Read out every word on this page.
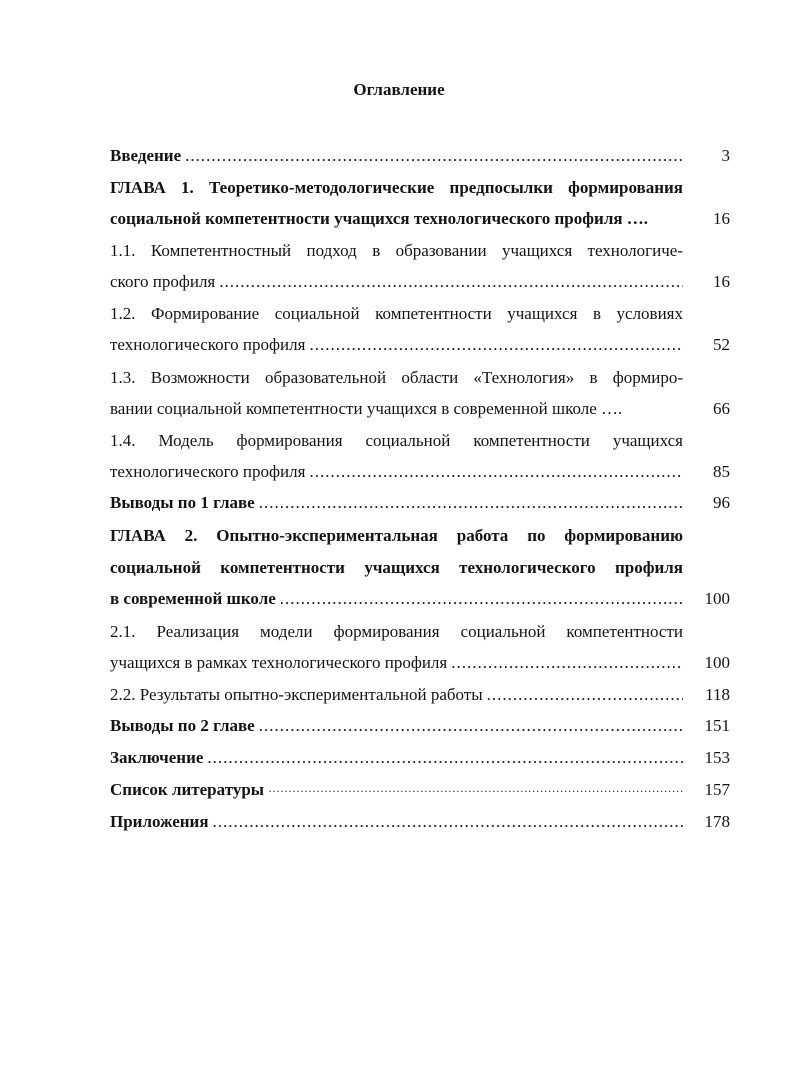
Оглавление
Введение .....	3
ГЛАВА 1. Теоретико-методологические предпосылки формирования
социальной компетентности учащихся технологического профиля ….	16
1.1. Компетентностный подход в образовании учащихся технологиче-
ского профиля .....	16
1.2. Формирование социальной компетентности учащихся в условиях
технологического профиля .....	52
1.3. Возможности образовательной области «Технология» в формиро-
вании социальной компетентности учащихся в современной школе ….	66
1.4. Модель формирования социальной компетентности учащихся
технологического профиля .....	85
Выводы по 1 главе .....	96
ГЛАВА 2. Опытно-экспериментальная работа по формированию
социальной компетентности учащихся технологического профиля
в современной школе .....	100
2.1. Реализация модели формирования социальной компетентности
учащихся в рамках технологического профиля .....	100
2.2. Результаты опытно-экспериментальной работы .....	118
Выводы по 2 главе .....	151
Заключение .....	153
Список литературы ·····	157
Приложения .....	178
